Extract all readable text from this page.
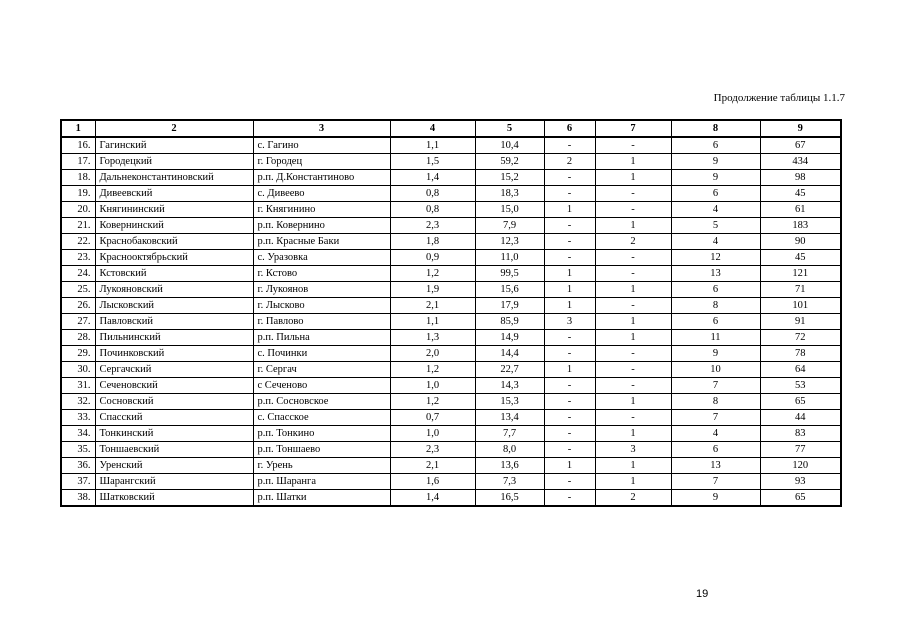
Продолжение таблицы 1.1.7
1	2	3	4	5	6	7	8	9
16.	Гагинский	с. Гагино	1,1	10,4	-	-	6	67
17.	Городецкий	г. Городец	1,5	59,2	2	1	9	434
18.	Дальнеконстантиновский	р.п. Д.Константиново	1,4	15,2	-	1	9	98
19.	Дивеевский	с. Дивеево	0,8	18,3	-	-	6	45
20.	Княгининский	г. Княгинино	0,8	15,0	1	-	4	61
21.	Ковернинский	р.п. Ковернино	2,3	7,9	-	1	5	183
22.	Краснобаковский	р.п. Красные Баки	1,8	12,3	-	2	4	90
23.	Краснооктябрьский	с. Уразовка	0,9	11,0	-	-	12	45
24.	Кстовский	г. Кстово	1,2	99,5	1	-	13	121
25.	Лукояновский	г. Лукоянов	1,9	15,6	1	1	6	71
26.	Лысковский	г. Лысково	2,1	17,9	1	-	8	101
27.	Павловский	г. Павлово	1,1	85,9	3	1	6	91
28.	Пильнинский	р.п. Пильна	1,3	14,9	-	1	11	72
29.	Починковский	с. Починки	2,0	14,4	-	-	9	78
30.	Сергачский	г. Сергач	1,2	22,7	1	-	10	64
31.	Сеченовский	с Сеченово	1,0	14,3	-	-	7	53
32.	Сосновский	р.п. Сосновское	1,2	15,3	-	1	8	65
33.	Спасский	с. Спасское	0,7	13,4	-	-	7	44
34.	Тонкинский	р.п. Тонкино	1,0	7,7	-	1	4	83
35.	Тоншаевский	р.п. Тоншаево	2,3	8,0	-	3	6	77
36.	Уренский	г. Урень	2,1	13,6	1	1	13	120
37.	Шарангский	р.п. Шаранга	1,6	7,3	-	1	7	93
38.	Шатковский	р.п. Шатки	1,4	16,5	-	2	9	65
19
